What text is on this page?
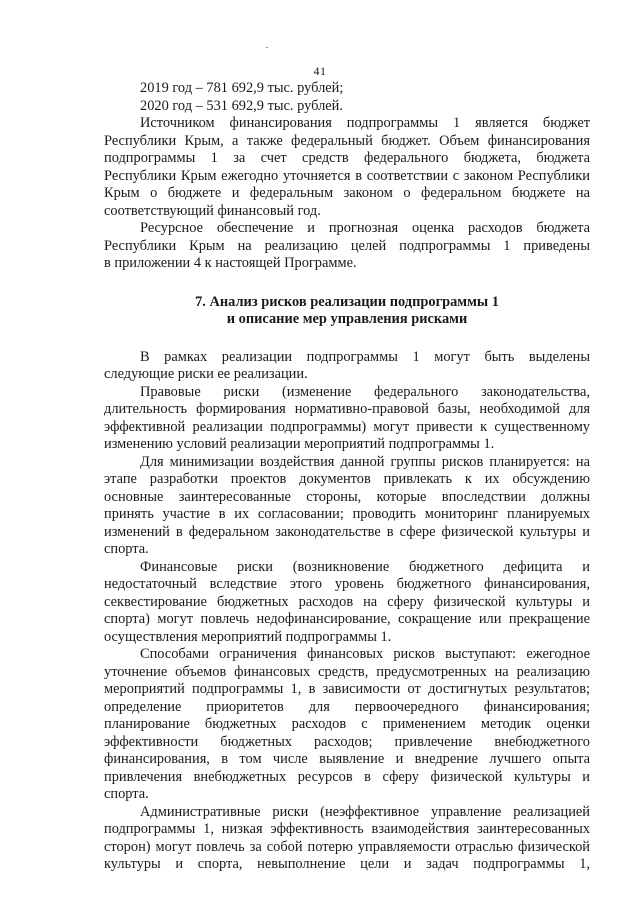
41
2019 год – 781 692,9 тыс. рублей;
2020 год – 531 692,9 тыс. рублей.
Источником финансирования подпрограммы 1 является бюджет
Республики Крым, а также федеральный бюджет. Объем финансирования
подпрограммы 1 за счет средств федерального бюджета, бюджета
Республики Крым ежегодно уточняется в соответствии с законом Республики
Крым о бюджете и федеральным законом о федеральном бюджете на
соответствующий финансовый год.
Ресурсное обеспечение и прогнозная оценка расходов бюджета
Республики Крым на реализацию целей подпрограммы 1 приведены
в приложении 4 к настоящей Программе.
7. Анализ рисков реализации подпрограммы 1
и описание мер управления рисками
В рамках реализации подпрограммы 1 могут быть выделены
следующие риски ее реализации.
Правовые риски (изменение федерального законодательства,
длительность формирования нормативно-правовой базы, необходимой для
эффективной реализации подпрограммы) могут привести к существенному
изменению условий реализации мероприятий подпрограммы 1.
Для минимизации воздействия данной группы рисков планируется: на
этапе разработки проектов документов привлекать к их обсуждению
основные заинтересованные стороны, которые впоследствии должны
принять участие в их согласовании; проводить мониторинг планируемых
изменений в федеральном законодательстве в сфере физической культуры и
спорта.
Финансовые риски (возникновение бюджетного дефицита и
недостаточный вследствие этого уровень бюджетного финансирования,
секвестирование бюджетных расходов на сферу физической культуры и
спорта) могут повлечь недофинансирование, сокращение или прекращение
осуществления мероприятий подпрограммы 1.
Способами ограничения финансовых рисков выступают: ежегодное
уточнение объемов финансовых средств, предусмотренных на реализацию
мероприятий подпрограммы 1, в зависимости от достигнутых результатов;
определение приоритетов для первоочередного финансирования;
планирование бюджетных расходов с применением методик оценки
эффективности бюджетных расходов; привлечение внебюджетного
финансирования, в том числе выявление и внедрение лучшего опыта
привлечения внебюджетных ресурсов в сферу физической культуры и
спорта.
Административные риски (неэффективное управление реализацией
подпрограммы 1, низкая эффективность взаимодействия заинтересованных
сторон) могут повлечь за собой потерю управляемости отраслью физической
культуры и спорта, невыполнение цели и задач подпрограммы 1,
